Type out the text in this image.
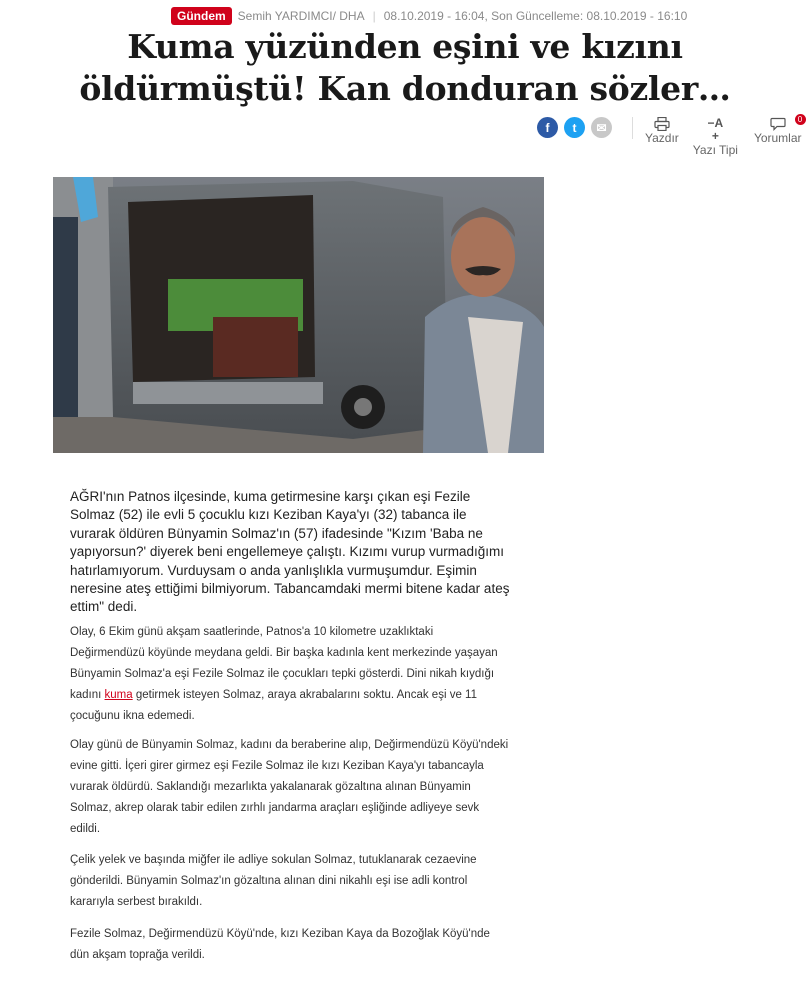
Gündem	Semih YARDIMCI/ DHA | 08.10.2019 - 16:04, Son Güncelleme: 08.10.2019 - 16:10
Kuma yüzünden eşini ve kızını
öldürmüştü! Kan donduran sözler…
f t ✉
Yazdır
−A
+
Yazı Tipi
0
Yorumlar

AĞRI'nın Patnos ilçesinde, kuma getirmesine karşı çıkan eşi Fezile Solmaz (52) ile evli 5 çocuklu kızı Keziban Kaya'yı (32) tabanca ile vurarak öldüren Bünyamin Solmaz'ın (57) ifadesinde "Kızım 'Baba ne yapıyorsun?' diyerek beni engellemeye çalıştı. Kızımı vurup vurmadığımı hatırlamıyorum. Vurduysam o anda yanlışlıkla vurmuşumdur. Eşimin neresine ateş ettiğimi bilmiyorum. Tabancamdaki mermi bitene kadar ateş ettim" dedi.

Olay, 6 Ekim günü akşam saatlerinde, Patnos'a 10 kilometre uzaklıktaki Değirmendüzü köyünde meydana geldi. Bir başka kadınla kent merkezinde yaşayan Bünyamin Solmaz'a eşi Fezile Solmaz ile çocukları tepki gösterdi. Dini nikah kıydığı kadını kuma getirmek isteyen Solmaz, araya akrabalarını soktu. Ancak eşi ve 11 çocuğunu ikna edemedi.

Olay günü de Bünyamin Solmaz, kadını da beraberine alıp, Değirmendüzü Köyü'ndeki evine gitti. İçeri girer girmez eşi Fezile Solmaz ile kızı Keziban Kaya'yı tabancayla vurarak öldürdü. Saklandığı mezarlıkta yakalanarak gözaltına alınan Bünyamin Solmaz, akrep olarak tabir edilen zırhlı jandarma araçları eşliğinde adliyeye sevk edildi.

Çelik yelek ve başında miğfer ile adliye sokulan Solmaz, tutuklanarak cezaevine gönderildi. Bünyamin Solmaz'ın gözaltına alınan dini nikahlı eşi ise adli kontrol kararıyla serbest bırakıldı.

Fezile Solmaz, Değirmendüzü Köyü'nde, kızı Keziban Kaya da Bozoğlak Köyü'nde dün akşam toprağa verildi.
